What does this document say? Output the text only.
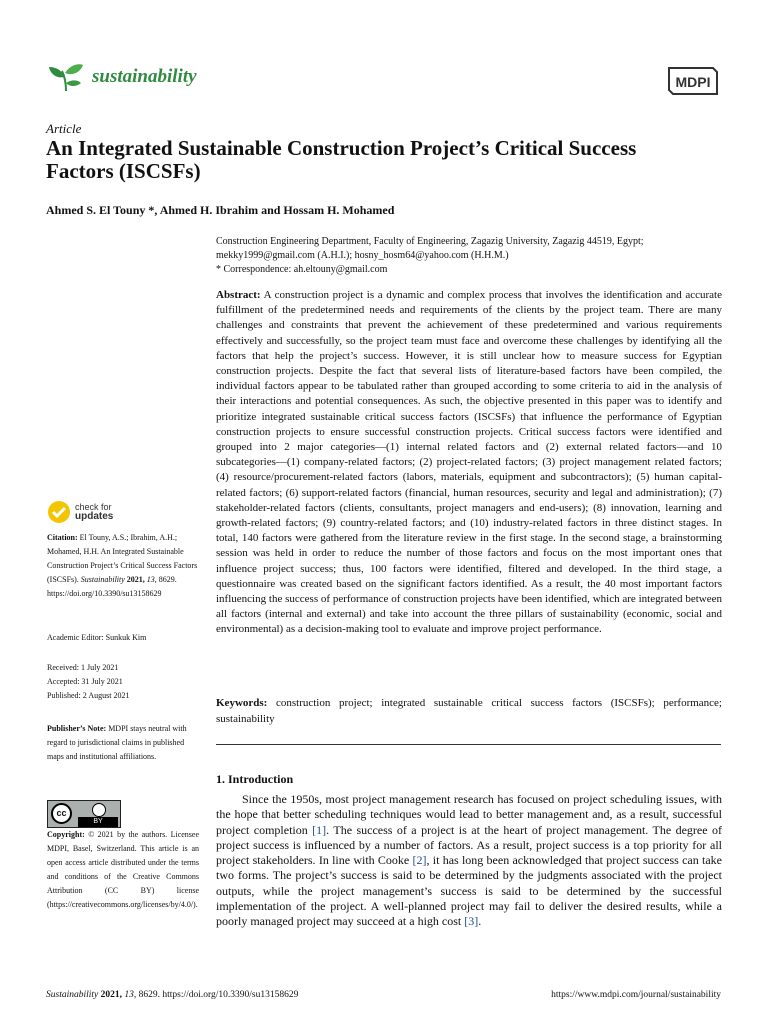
sustainability	MDPI
Article
An Integrated Sustainable Construction Project’s Critical Success Factors (ISCSFs)
Ahmed S. El Touny *, Ahmed H. Ibrahim and Hossam H. Mohamed
Construction Engineering Department, Faculty of Engineering, Zagazig University, Zagazig 44519, Egypt;
mekky1999@gmail.com (A.H.I.); hosny_hosm64@yahoo.com (H.H.M.)
* Correspondence: ah.eltouny@gmail.com
Abstract: A construction project is a dynamic and complex process that involves the identification and accurate fulfillment of the predetermined needs and requirements of the clients by the project team. There are many challenges and constraints that prevent the achievement of these predetermined and various requirements effectively and successfully, so the project team must face and overcome these challenges by identifying all the factors that help the project’s success. However, it is still unclear how to measure success for Egyptian construction projects. Despite the fact that several lists of literature-based factors have been compiled, the individual factors appear to be tabulated rather than grouped according to some criteria to aid in the analysis of their interactions and potential consequences. As such, the objective presented in this paper was to identify and prioritize integrated sustainable critical success factors (ISCSFs) that influence the performance of Egyptian construction projects to ensure successful construction projects. Critical success factors were identified and grouped into 2 major categories—(1) internal related factors and (2) external related factors—and 10 subcategories—(1) company-related factors; (2) project-related factors; (3) project management related factors; (4) resource/procurement-related factors (labors, materials, equipment and subcontractors); (5) human capital-related factors; (6) support-related factors (financial, human resources, security and legal and administration); (7) stakeholder-related factors (clients, consultants, project managers and end-users); (8) innovation, learning and growth-related factors; (9) country-related factors; and (10) industry-related factors in three distinct stages. In total, 140 factors were gathered from the literature review in the first stage. In the second stage, a brainstorming session was held in order to reduce the number of those factors and focus on the most important ones that influence project success; thus, 100 factors were identified, filtered and developed. In the third stage, a questionnaire was created based on the significant factors identified. As a result, the 40 most important factors influencing the success of performance of construction projects have been identified, which are integrated between all factors (internal and external) and take into account the three pillars of sustainability (economic, social and environmental) as a decision-making tool to evaluate and improve project performance.
Keywords: construction project; integrated sustainable critical success factors (ISCSFs); performance; sustainability
1. Introduction
Since the 1950s, most project management research has focused on project scheduling issues, with the hope that better scheduling techniques would lead to better management and, as a result, successful project completion [1]. The success of a project is at the heart of project management. The degree of project success is influenced by a number of factors. As a result, project success is a top priority for all project stakeholders. In line with Cooke [2], it has long been acknowledged that project success can take two forms. The project’s success is said to be determined by the judgments associated with the project outputs, while the project management’s success is said to be determined by the successful implementation of the project. A well-planned project may fail to deliver the desired results, while a poorly managed project may succeed at a high cost [3].
check for
updates
Citation: El Touny, A.S.; Ibrahim, A.H.; Mohamed, H.H. An Integrated Sustainable Construction Project’s Critical Success Factors (ISCSFs). Sustainability 2021, 13, 8629. https://doi.org/10.3390/su13158629
Academic Editor: Sunkuk Kim
Received: 1 July 2021
Accepted: 31 July 2021
Published: 2 August 2021
Publisher’s Note: MDPI stays neutral with regard to jurisdictional claims in published maps and institutional affiliations.
cc
BY
Copyright: © 2021 by the authors. Licensee MDPI, Basel, Switzerland. This article is an open access article distributed under the terms and conditions of the Creative Commons Attribution (CC BY) license (https://creativecommons.org/licenses/by/4.0/).
Sustainability 2021, 13, 8629. https://doi.org/10.3390/su13158629	https://www.mdpi.com/journal/sustainability
